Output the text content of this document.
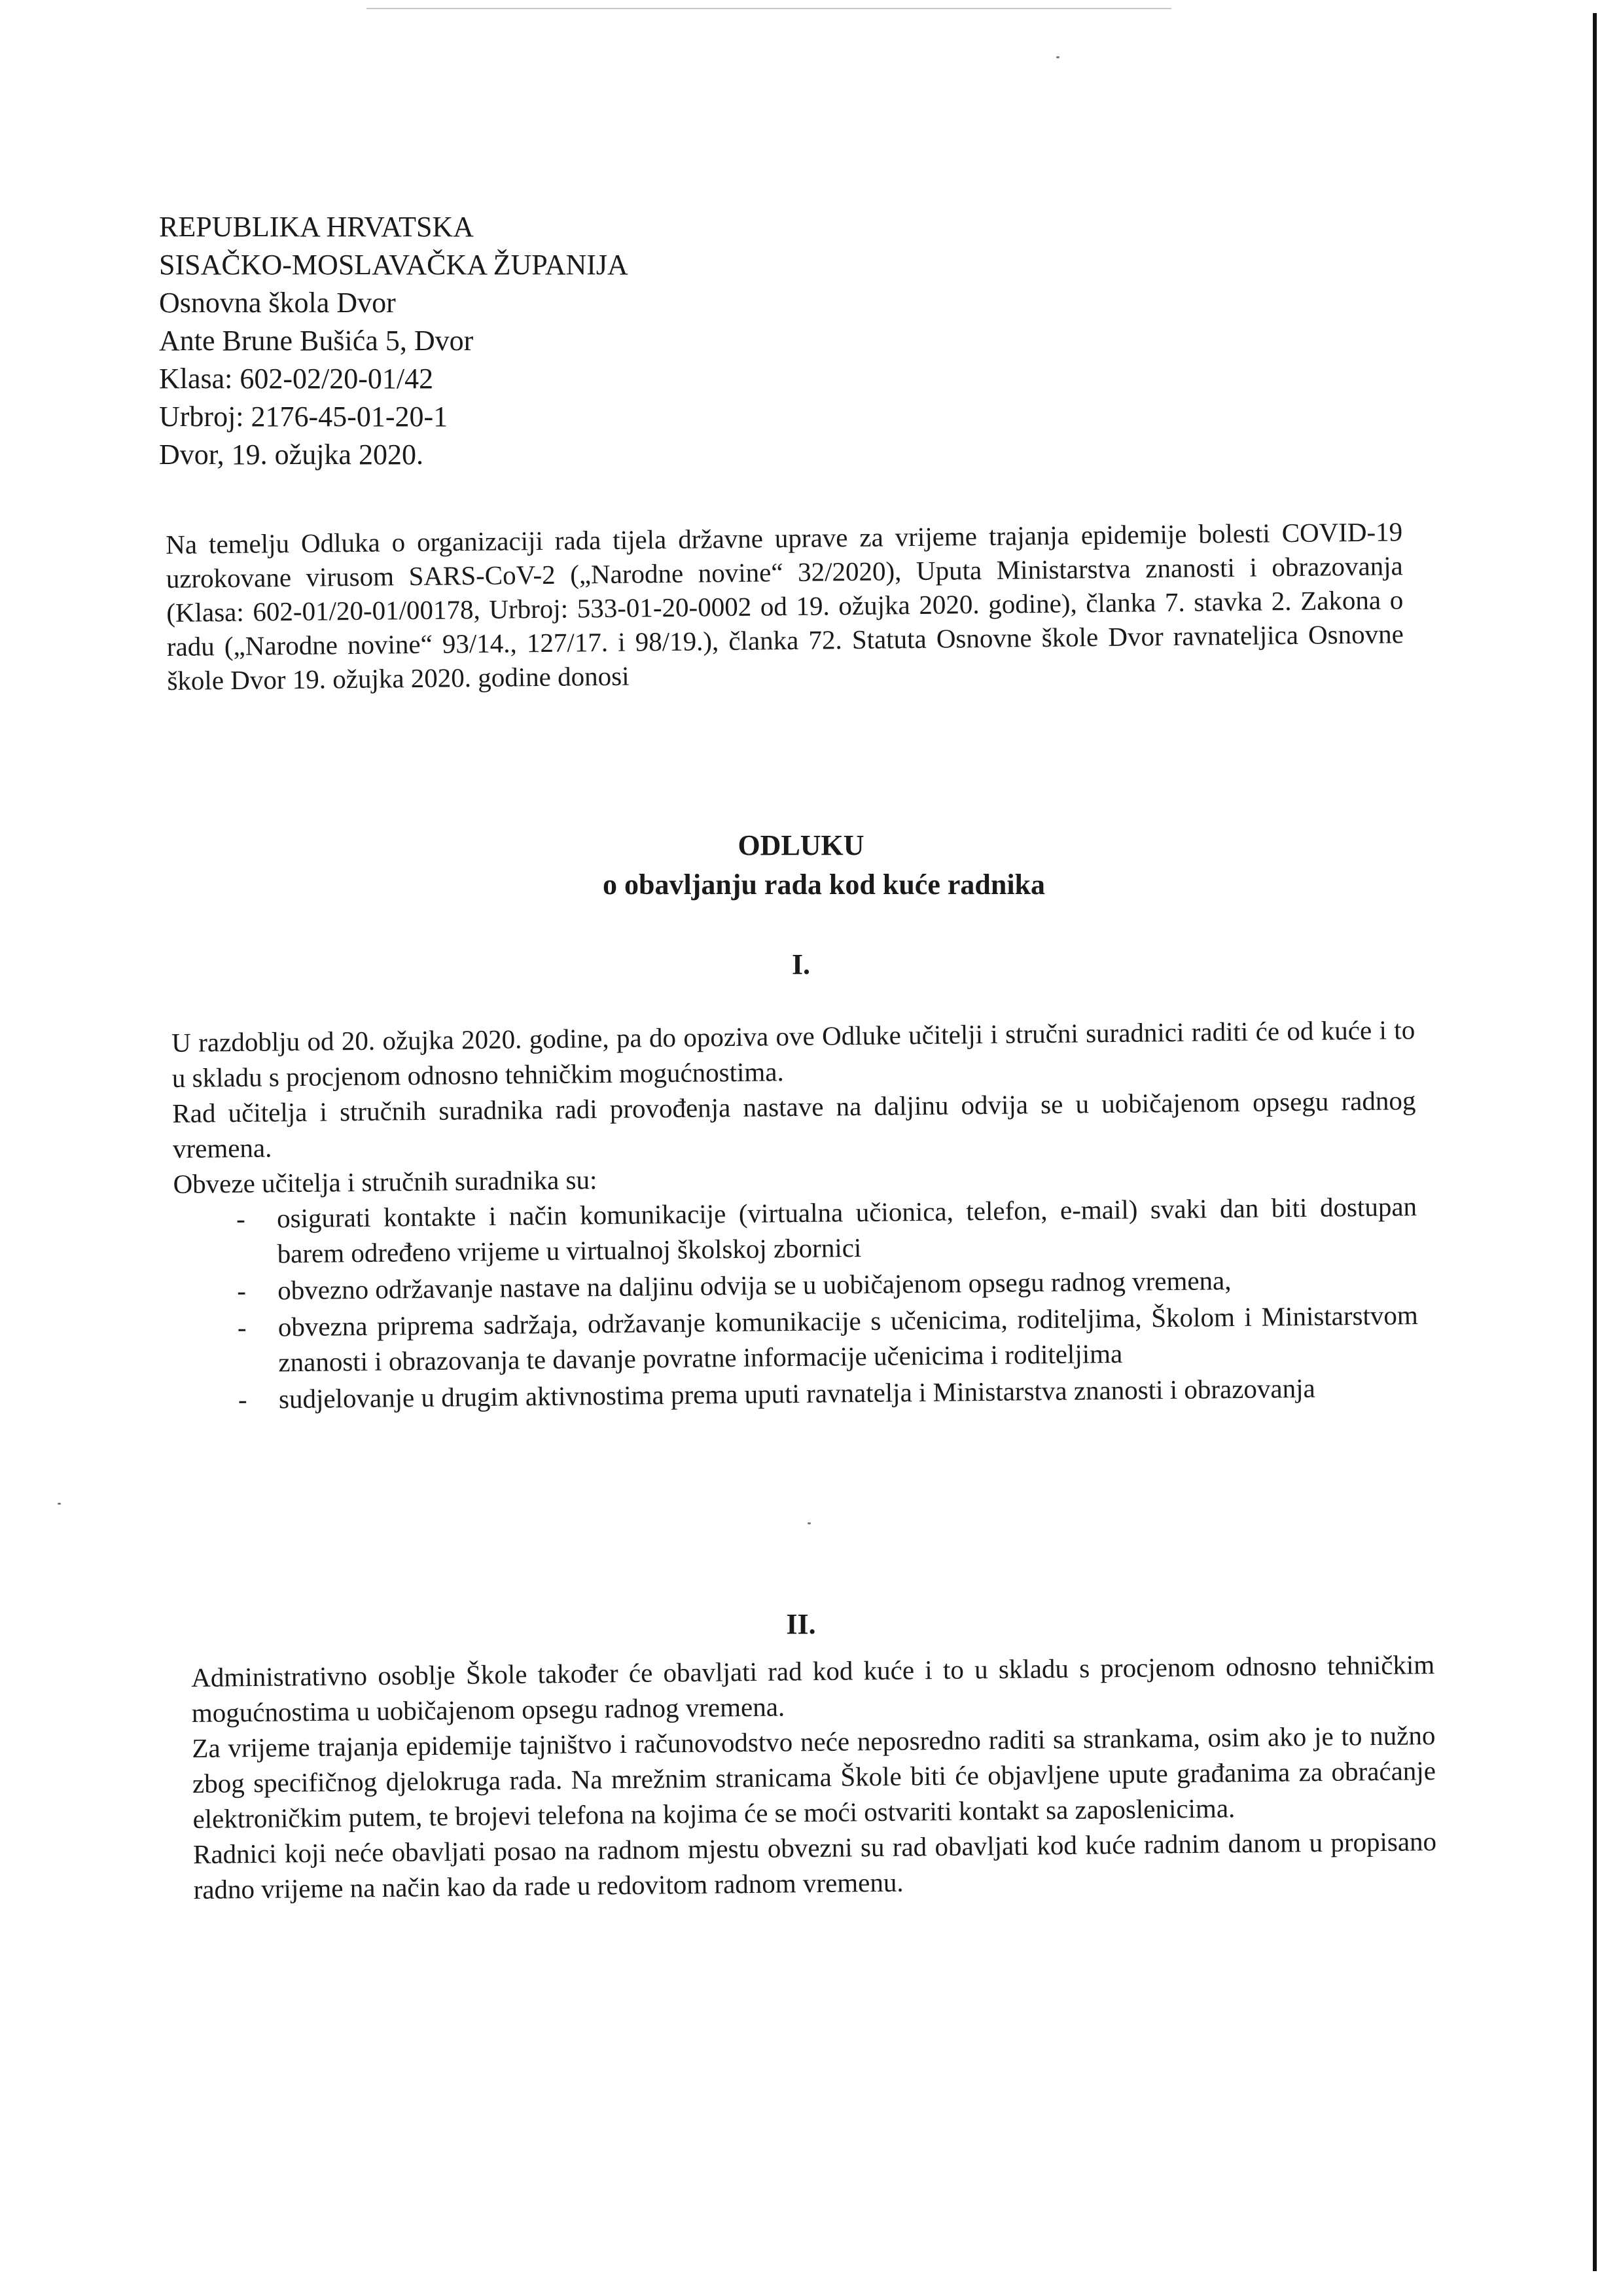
REPUBLIKA HRVATSKA
SISAČKO-MOSLAVAČKA ŽUPANIJA
Osnovna škola Dvor
Ante Brune Bušića 5, Dvor
Klasa: 602-02/20-01/42
Urbroj: 2176-45-01-20-1
Dvor, 19. ožujka 2020.
Na temelju Odluka o organizaciji rada tijela državne uprave za vrijeme trajanja epidemije bolesti COVID-19 uzrokovane virusom SARS-CoV-2 („Narodne novine“ 32/2020), Uputa Ministarstva znanosti i obrazovanja (Klasa: 602-01/20-01/00178, Urbroj: 533-01-20-0002 od 19. ožujka 2020. godine), članka 7. stavka 2. Zakona o radu („Narodne novine“ 93/14., 127/17. i 98/19.), članka 72. Statuta Osnovne škole Dvor ravnateljica Osnovne škole Dvor 19. ožujka 2020. godine donosi
ODLUKU
o obavljanju rada kod kuće radnika
I.

U razdoblju od 20. ožujka 2020. godine, pa do opoziva ove Odluke učitelji i stručni suradnici raditi će od kuće i to u skladu s procjenom odnosno tehničkim mogućnostima.

Rad učitelja i stručnih suradnika radi provođenja nastave na daljinu odvija se u uobičajenom opsegu radnog vremena.

Obveze učitelja i stručnih suradnika su:

- osigurati kontakte i način komunikacije (virtualna učionica, telefon, e-mail) svaki dan biti dostupan barem određeno vrijeme u virtualnoj školskoj zbornici
- obvezno održavanje nastave na daljinu odvija se u uobičajenom opsegu radnog vremena,
- obvezna priprema sadržaja, održavanje komunikacije s učenicima, roditeljima, Školom i Ministarstvom znanosti i obrazovanja te davanje povratne informacije učenicima i roditeljima
- sudjelovanje u drugim aktivnostima prema uputi ravnatelja i Ministarstva znanosti i obrazovanja
II.

Administrativno osoblje Škole također će obavljati rad kod kuće i to u skladu s procjenom odnosno tehničkim mogućnostima u uobičajenom opsegu radnog vremena.

Za vrijeme trajanja epidemije tajništvo i računovodstvo neće neposredno raditi sa strankama, osim ako je to nužno zbog specifičnog djelokruga rada. Na mrežnim stranicama Škole biti će objavljene upute građanima za obraćanje elektroničkim putem, te brojevi telefona na kojima će se moći ostvariti kontakt sa zaposlenicima.

Radnici koji neće obavljati posao na radnom mjestu obvezni su rad obavljati kod kuće radnim danom u propisano radno vrijeme na način kao da rade u redovitom radnom vremenu.
